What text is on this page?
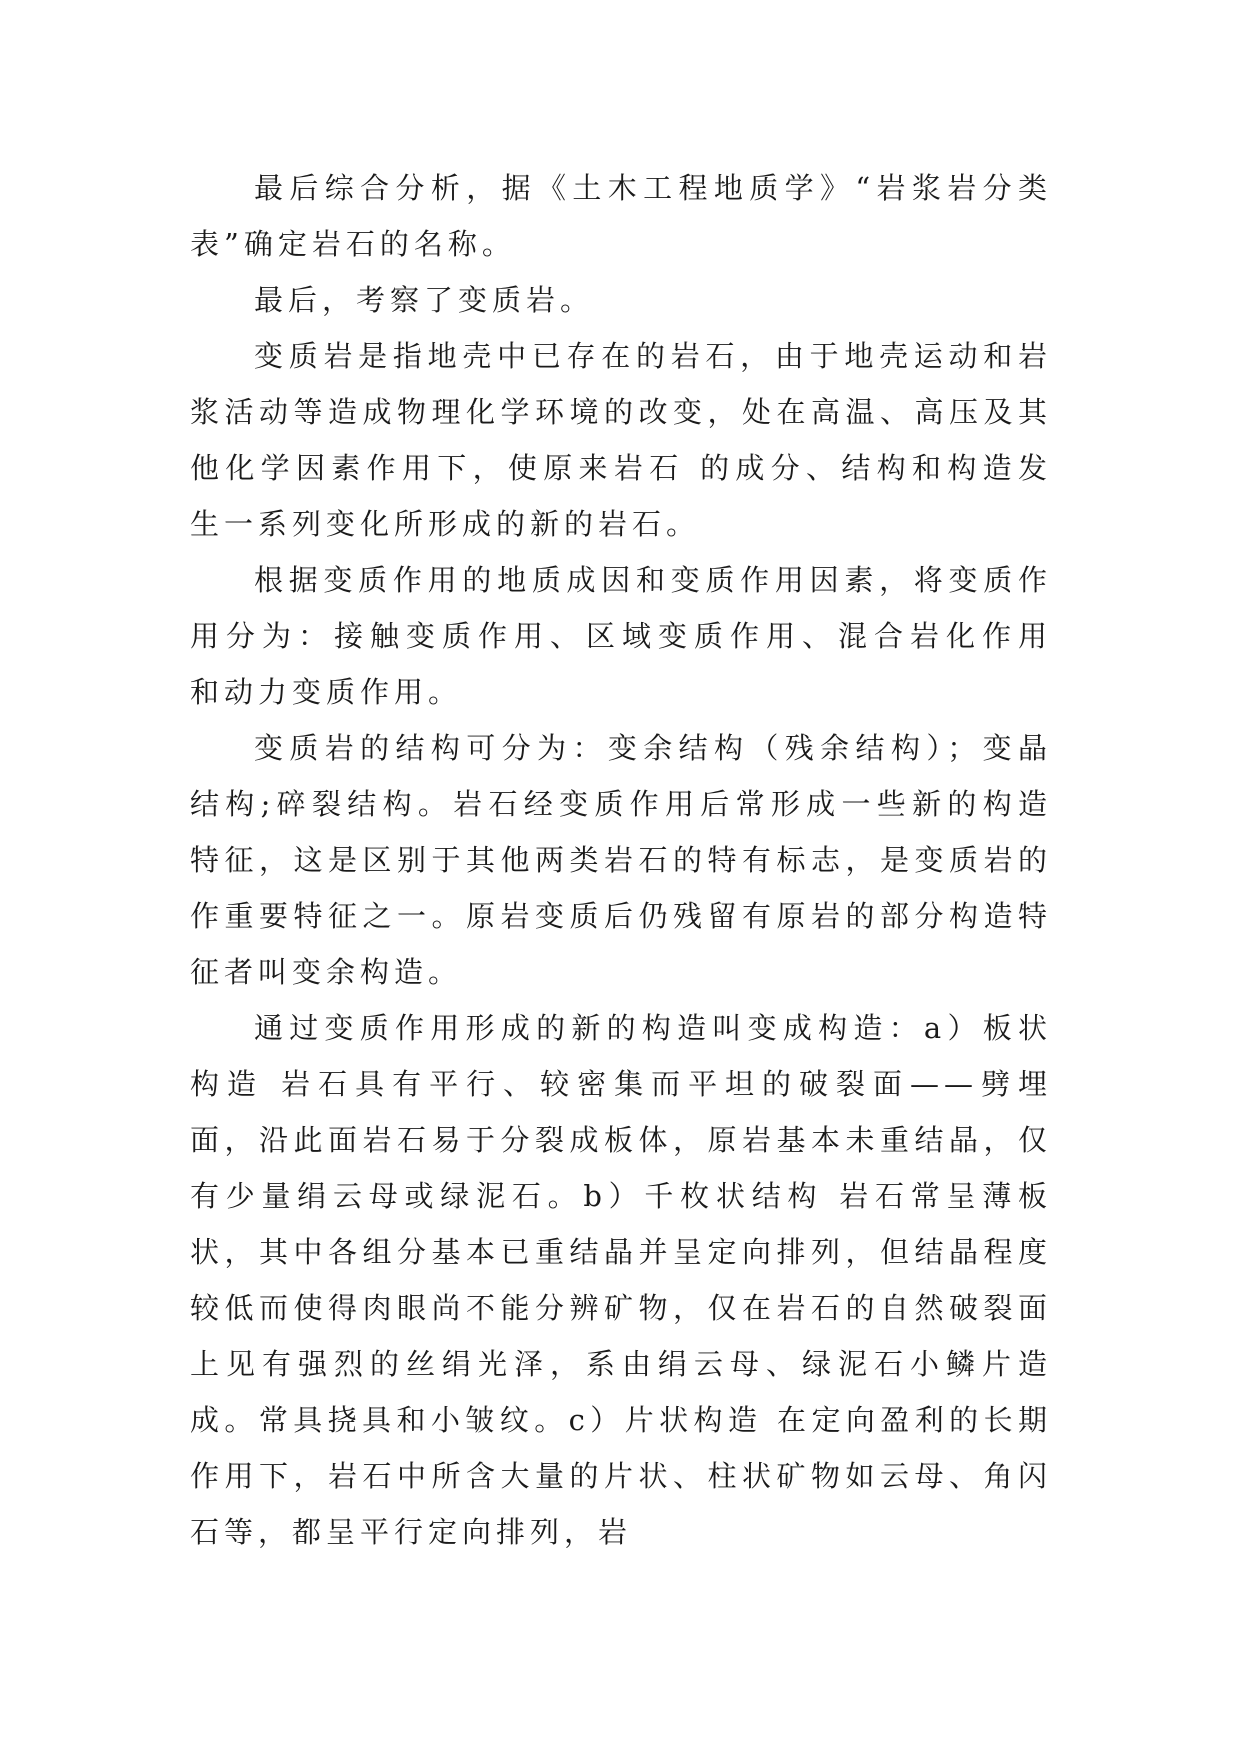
最后综合分析，据《土木工程地质学》“岩浆岩分类表”确定岩石的名称。

最后，考察了变质岩。

变质岩是指地壳中已存在的岩石，由于地壳运动和岩浆活动等造成物理化学环境的改变，处在高温、高压及其他化学因素作用下，使原来岩石 的成分、结构和构造发生一系列变化所形成的新的岩石。

根据变质作用的地质成因和变质作用因素，将变质作用分为：接触变质作用、区域变质作用、混合岩化作用 和动力变质作用。

变质岩的结构可分为：变余结构（残余结构）；变晶结构;碎裂结构。岩石经变质作用后常形成一些新的构造特征，这是区别于其他两类岩石的特有标志，是变质岩的作重要特征之一。原岩变质后仍残留有原岩的部分构造特征者叫变余构造。

通过变质作用形成的新的构造叫变成构造：a）板状构造 岩石具有平行、较密集而平坦的破裂面——劈埋面，沿此面岩石易于分裂成板体，原岩基本未重结晶，仅有少量绢云母或绿泥石。b）千枚状结构 岩石常呈薄板状，其中各组分基本已重结晶并呈定向排列，但结晶程度较低而使得肉眼尚不能分辨矿物，仅在岩石的自然破裂面上见有强烈的丝绢光泽，系由绢云母、绿泥石小鳞片造成。常具挠具和小皱纹。c）片状构造 在定向盈利的长期作用下，岩石中所含大量的片状、柱状矿物如云母、角闪石等，都呈平行定向排列，岩
